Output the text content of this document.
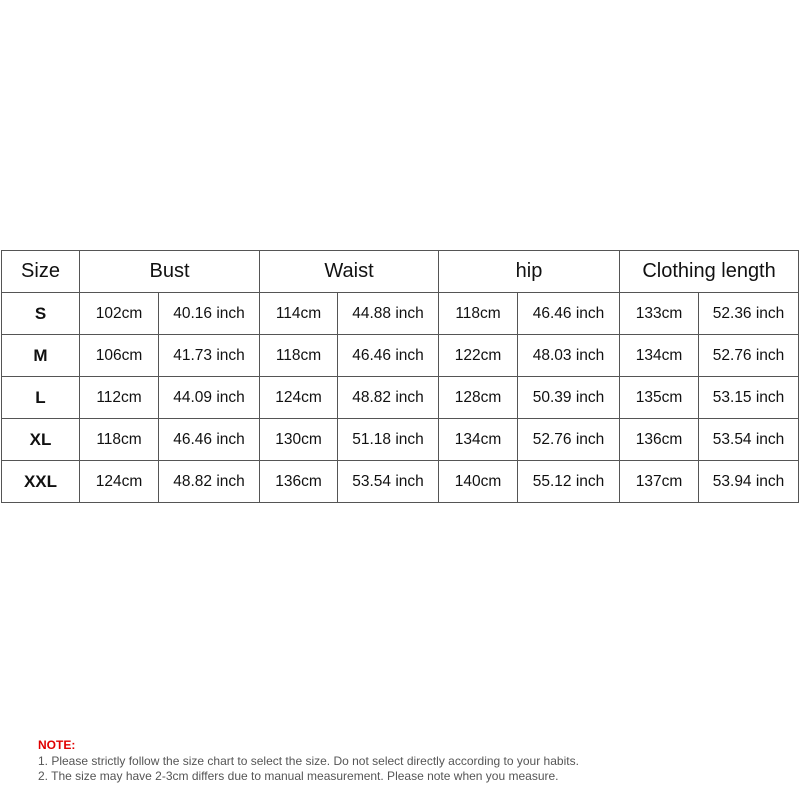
Size	Bust		Waist		hip		Clothing length	
S	102cm	40.16 inch	114cm	44.88 inch	118cm	46.46 inch	133cm	52.36 inch
M	106cm	41.73 inch	118cm	46.46 inch	122cm	48.03 inch	134cm	52.76 inch
L	112cm	44.09 inch	124cm	48.82 inch	128cm	50.39 inch	135cm	53.15 inch
XL	118cm	46.46 inch	130cm	51.18 inch	134cm	52.76 inch	136cm	53.54 inch
XXL	124cm	48.82 inch	136cm	53.54 inch	140cm	55.12 inch	137cm	53.94 inch
NOTE:
1. Please strictly follow the size chart to select the size. Do not select directly according to your habits.
2. The size may have 2-3cm differs due to manual measurement. Please note when you measure.
